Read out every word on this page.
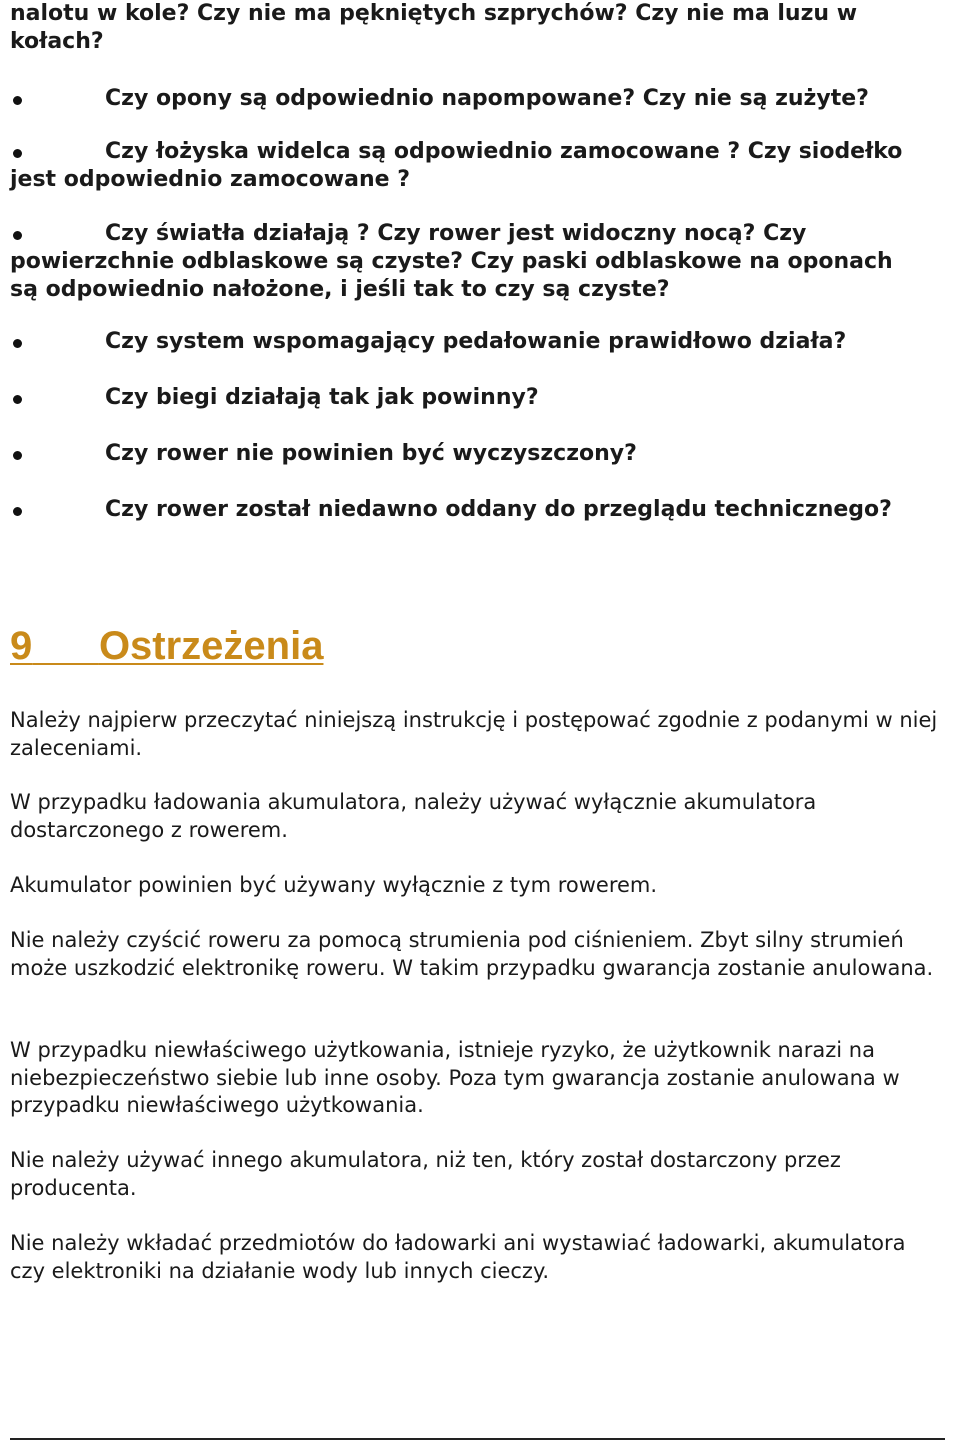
nalotu w kole? Czy nie ma pękniętych szprychów? Czy nie ma luzu w

kołach?

Czy opony są odpowiednio napompowane? Czy nie są zużyte?
Czy łożyska widelca są odpowiednio zamocowane ? Czy siodełko
jest odpowiednio zamocowane ?
Czy światła działają ? Czy rower jest widoczny nocą? Czy
powierzchnie odblaskowe są czyste? Czy paski odblaskowe na oponach
są odpowiednio nałożone, i jeśli tak to czy są czyste?
Czy system wspomagający pedałowanie prawidłowo działa?
Czy biegi działają tak jak powinny?
Czy rower nie powinien być wyczyszczony?
Czy rower został niedawno oddany do przeglądu technicznego?
9 Ostrzeżenia

Należy najpierw przeczytać niniejszą instrukcję i postępować zgodnie z podanymi w niej zaleceniami.

W przypadku ładowania akumulatora, należy używać wyłącznie akumulatora dostarczonego z rowerem.

Akumulator powinien być używany wyłącznie z tym rowerem.

Nie należy czyścić roweru za pomocą strumienia pod ciśnieniem. Zbyt silny strumień może uszkodzić elektronikę roweru. W takim przypadku gwarancja zostanie anulowana.

W przypadku niewłaściwego użytkowania, istnieje ryzyko, że użytkownik narazi na niebezpieczeństwo siebie lub inne osoby. Poza tym gwarancja zostanie anulowana w przypadku niewłaściwego użytkowania.

Nie należy używać innego akumulatora, niż ten, który został dostarczony przez producenta.

Nie należy wkładać przedmiotów do ładowarki ani wystawiać ładowarki, akumulatora czy elektroniki na działanie wody lub innych cieczy.
